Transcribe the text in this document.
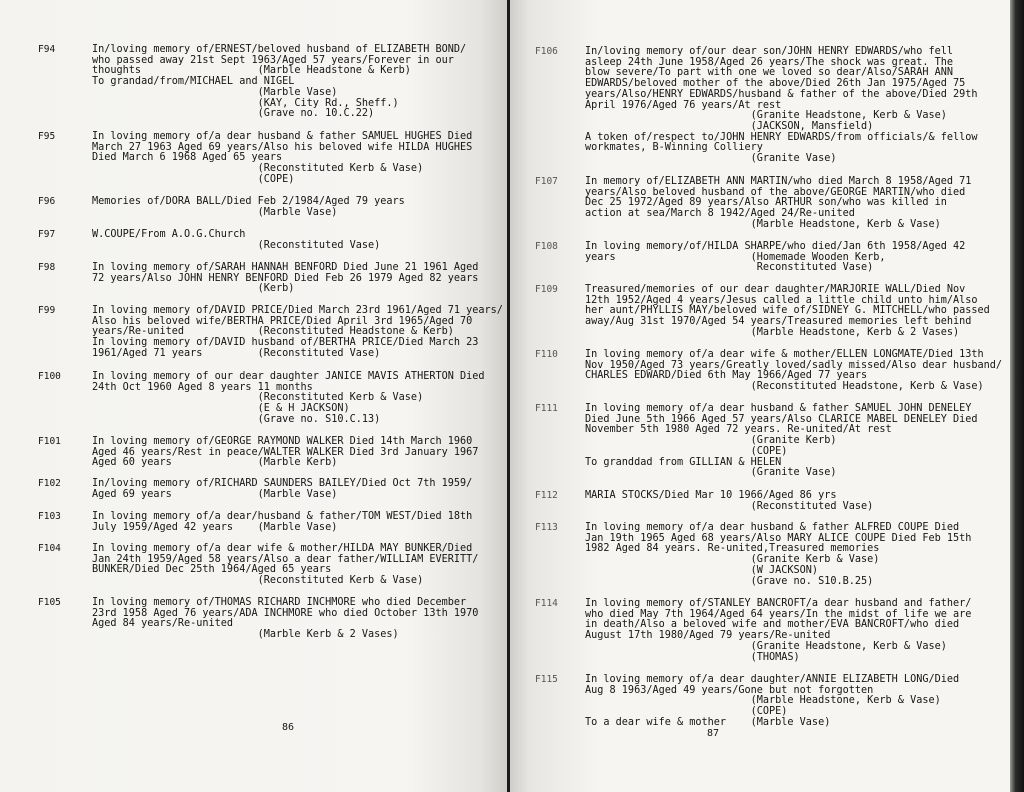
F94	In/loving memory of/ERNEST/beloved husband of ELIZABETH BOND/
who passed away 21st Sept 1963/Aged 57 years/Forever in our
thoughts                   (Marble Headstone & Kerb)
To grandad/from/MICHAEL and NIGEL
(Marble Vase)
(KAY, City Rd., Sheff.)
(Grave no. 10.C.22)
F95	In loving memory of/a dear husband & father SAMUEL HUGHES Died
March 27 1963 Aged 69 years/Also his beloved wife HILDA HUGHES
Died March 6 1968 Aged 65 years
(Reconstituted Kerb & Vase)
(COPE)
F96	Memories of/DORA BALL/Died Feb 2/1984/Aged 79 years
(Marble Vase)
F97	W.COUPE/From A.O.G.Church
(Reconstituted Vase)
F98	In loving memory of/SARAH HANNAH BENFORD Died June 21 1961 Aged
72 years/Also JOHN HENRY BENFORD Died Feb 26 1979 Aged 82 years
(Kerb)
F99	In loving memory of/DAVID PRICE/Died March 23rd 1961/Aged 71 years/
Also his beloved wife/BERTHA PRICE/Died April 3rd 1965/Aged 70
years/Re-united            (Reconstituted Headstone & Kerb)
In loving memory of/DAVID husband of/BERTHA PRICE/Died March 23
1961/Aged 71 years         (Reconstituted Vase)
F100	In loving memory of our dear daughter JANICE MAVIS ATHERTON Died
24th Oct 1960 Aged 8 years 11 months
(Reconstituted Kerb & Vase)
(E & H JACKSON)
(Grave no. S10.C.13)
F101	In loving memory of/GEORGE RAYMOND WALKER Died 14th March 1960
Aged 46 years/Rest in peace/WALTER WALKER Died 3rd January 1967
Aged 60 years              (Marble Kerb)
F102	In/loving memory of/RICHARD SAUNDERS BAILEY/Died Oct 7th 1959/
Aged 69 years              (Marble Vase)
F103	In loving memory of/a dear/husband & father/TOM WEST/Died 18th
July 1959/Aged 42 years    (Marble Vase)
F104	In loving memory of/a dear wife & mother/HILDA MAY BUNKER/Died
Jan 24th 1959/Aged 58 years/Also a dear father/WILLIAM EVERITT/
BUNKER/Died Dec 25th 1964/Aged 65 years
(Reconstituted Kerb & Vase)
F105	In loving memory of/THOMAS RICHARD INCHMORE who died December
23rd 1958 Aged 76 years/ADA INCHMORE who died October 13th 1970
Aged 84 years/Re-united
(Marble Kerb & 2 Vases)
86
F106	In/loving memory of/our dear son/JOHN HENRY EDWARDS/who fell
asleep 24th June 1958/Aged 26 years/The shock was great. The
blow severe/To part with one we loved so dear/Also/SARAH ANN
EDWARDS/beloved mother of the above/Died 26th Jan 1975/Aged 75
years/Also/HENRY EDWARDS/husband & father of the above/Died 29th
April 1976/Aged 76 years/At rest
(Granite Headstone, Kerb & Vase)
(JACKSON, Mansfield)
A token of/respect to/JOHN HENRY EDWARDS/from officials/& fellow
workmates, B-Winning Colliery
(Granite Vase)
F107	In memory of/ELIZABETH ANN MARTIN/who died March 8 1958/Aged 71
years/Also beloved husband of the above/GEORGE MARTIN/who died
Dec 25 1972/Aged 89 years/Also ARTHUR son/who was killed in
action at sea/March 8 1942/Aged 24/Re-united
(Marble Headstone, Kerb & Vase)
F108	In loving memory/of/HILDA SHARPE/who died/Jan 6th 1958/Aged 42
years                      (Homemade Wooden Kerb,
Reconstituted Vase)
F109	Treasured/memories of our dear daughter/MARJORIE WALL/Died Nov
12th 1952/Aged 4 years/Jesus called a little child unto him/Also
her aunt/PHYLLIS MAY/beloved wife of/SIDNEY G. MITCHELL/who passed
away/Aug 31st 1970/Aged 54 years/Treasured memories left behind
(Marble Headstone, Kerb & 2 Vases)
F110	In loving memory of/a dear wife & mother/ELLEN LONGMATE/Died 13th
Nov 1950/Aged 73 years/Greatly loved/sadly missed/Also dear husband/
CHARLES EDWARD/Died 6th May 1966/Aged 77 years
(Reconstituted Headstone, Kerb & Vase)
F111	In loving memory of/a dear husband & father SAMUEL JOHN DENELEY
Died June 5th 1966 Aged 57 years/Also CLARICE MABEL DENELEY Died
November 5th 1980 Aged 72 years. Re-united/At rest
(Granite Kerb)
(COPE)
To granddad from GILLIAN & HELEN
(Granite Vase)
F112	MARIA STOCKS/Died Mar 10 1966/Aged 86 yrs
(Reconstituted Vase)
F113	In loving memory of/a dear husband & father ALFRED COUPE Died
Jan 19th 1965 Aged 68 years/Also MARY ALICE COUPE Died Feb 15th
1982 Aged 84 years. Re-united,Treasured memories
(Granite Kerb & Vase)
(W JACKSON)
(Grave no. S10.B.25)
F114	In loving memory of/STANLEY BANCROFT/a dear husband and father/
who died May 7th 1964/Aged 64 years/In the midst of life we are
in death/Also a beloved wife and mother/EVA BANCROFT/who died
August 17th 1980/Aged 79 years/Re-united
(Granite Headstone, Kerb & Vase)
(THOMAS)
F115	In loving memory of/a dear daughter/ANNIE ELIZABETH LONG/Died
Aug 8 1963/Aged 49 years/Gone but not forgotten
(Marble Headstone, Kerb & Vase)
(COPE)
To a dear wife & mother    (Marble Vase)
87
